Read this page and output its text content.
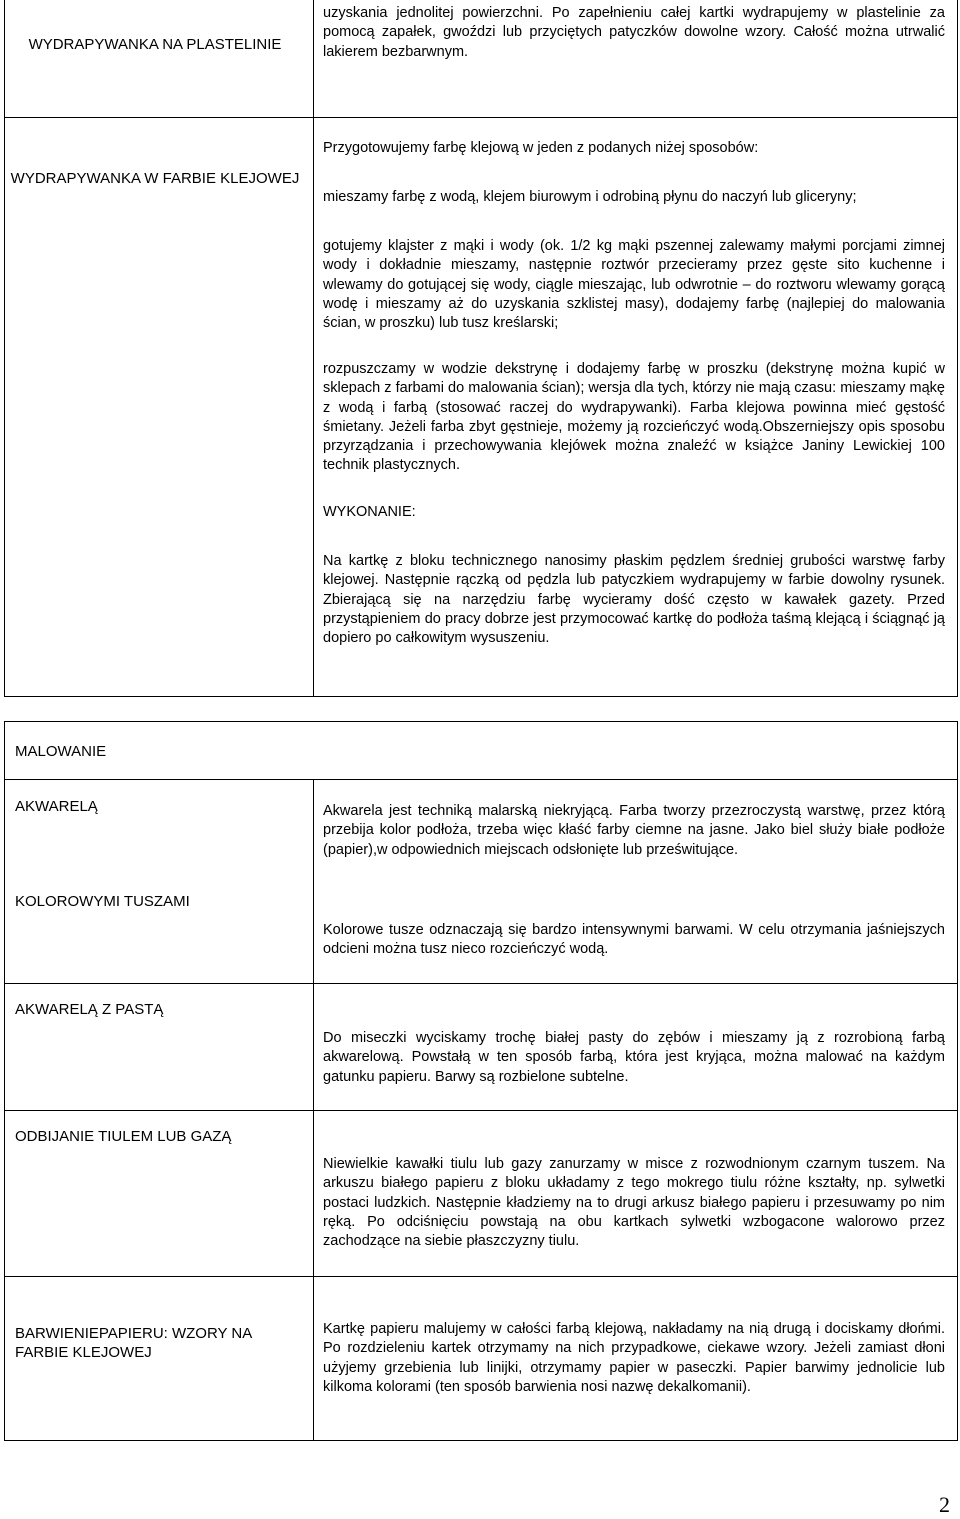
WYDRAPYWANKA NA PLASTELINIE
uzyskania jednolitej powierzchni. Po zapełnieniu całej kartki wydrapujemy w plastelinie za pomocą zapałek, gwoździ lub przyciętych patyczków dowolne wzory. Całość można utrwalić lakierem bezbarwnym.
WYDRAPYWANKA W FARBIE KLEJOWEJ
Przygotowujemy farbę klejową w jeden z podanych niżej sposobów:
mieszamy farbę z wodą, klejem biurowym i odrobiną płynu do naczyń lub gliceryny;
gotujemy klajster z mąki i wody (ok. 1/2 kg mąki pszennej zalewamy małymi porcjami zimnej wody i dokładnie mieszamy, następnie roztwór przecieramy przez gęste sito kuchenne i wlewamy do gotującej się wody, ciągle mieszając, lub odwrotnie – do roztworu wlewamy gorącą wodę i mieszamy aż do uzyskania szklistej masy), dodajemy farbę (najlepiej do malowania ścian, w proszku) lub tusz kreślarski;
rozpuszczamy w wodzie dekstrynę i dodajemy farbę w proszku (dekstrynę można kupić w sklepach z farbami do malowania ścian); wersja dla tych, którzy nie mają czasu: mieszamy mąkę z wodą i farbą (stosować raczej do wydrapywanki). Farba klejowa powinna mieć gęstość śmietany. Jeżeli farba zbyt gęstnieje, możemy ją rozcieńczyć wodą.Obszerniejszy opis sposobu przyrządzania i przechowywania klejówek można znaleźć w książce Janiny Lewickiej 100 technik plastycznych.
WYKONANIE:
Na kartkę z bloku technicznego nanosimy płaskim pędzlem średniej grubości warstwę farby klejowej. Następnie rączką od pędzla lub patyczkiem wydrapujemy w farbie dowolny rysunek. Zbierającą się na narzędziu farbę wycieramy dość często w kawałek gazety. Przed przystąpieniem do pracy dobrze jest przymocować kartkę do podłoża taśmą klejącą i ściągnąć ją dopiero po całkowitym wysuszeniu.
MALOWANIE
AKWARELĄ	Akwarela jest techniką malarską niekryjącą. Farba tworzy przezroczystą warstwę, przez którą przebija kolor podłoża, trzeba więc kłaść farby ciemne na jasne. Jako biel służy białe podłoże (papier),w odpowiednich miejscach odsłonięte lub prześwitujące.
KOLOROWYMI TUSZAMI
Kolorowe tusze odznaczają się bardzo intensywnymi barwami. W celu otrzymania jaśniejszych odcieni można tusz nieco rozcieńczyć wodą.
AKWARELĄ Z PASTĄ
Do miseczki wyciskamy trochę białej pasty do zębów i mieszamy ją z rozrobioną farbą akwarelową. Powstałą w ten sposób farbą, która jest kryjąca, można malować na każdym gatunku papieru. Barwy są rozbielone subtelne.
ODBIJANIE TIULEM LUB GAZĄ
Niewielkie kawałki tiulu lub gazy zanurzamy w misce z rozwodnionym czarnym tuszem. Na arkuszu białego papieru z bloku układamy z tego mokrego tiulu różne kształty, np. sylwetki postaci ludzkich. Następnie kładziemy na to drugi arkusz białego papieru i przesuwamy po nim ręką. Po odciśnięciu powstają na obu kartkach sylwetki wzbogacone walorowo przez zachodzące na siebie płaszczyzny tiulu.
BARWIENIEPAPIERU: WZORY NA FARBIE KLEJOWEJ
Kartkę papieru malujemy w całości farbą klejową, nakładamy na nią drugą i dociskamy dłońmi. Po rozdzieleniu kartek otrzymamy na nich przypadkowe, ciekawe wzory. Jeżeli zamiast dłoni użyjemy grzebienia lub linijki, otrzymamy papier w paseczki. Papier barwimy jednolicie lub kilkoma kolorami (ten sposób barwienia nosi nazwę dekalkomanii).
2
